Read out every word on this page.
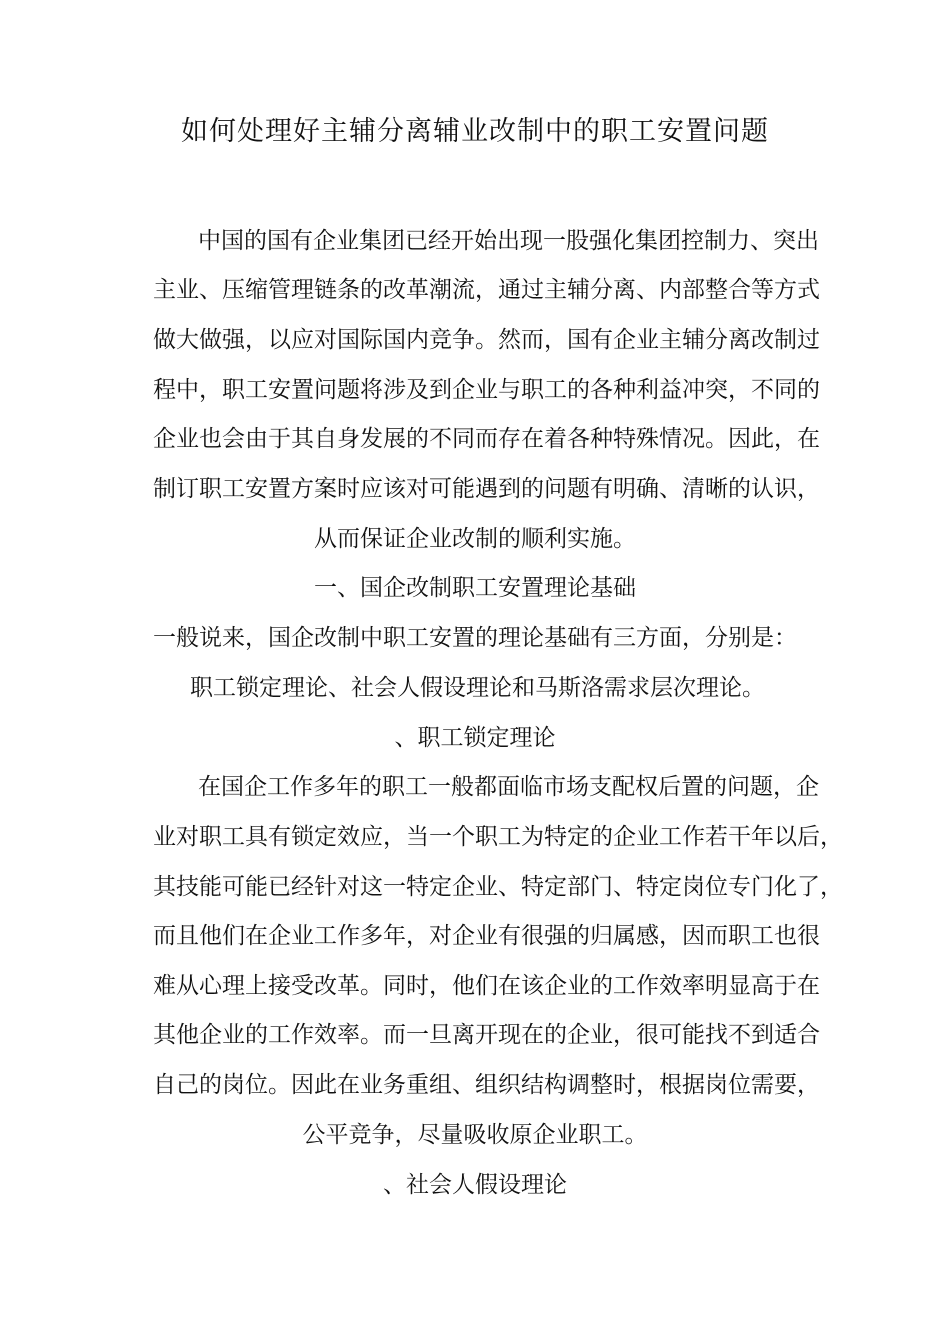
如何处理好主辅分离辅业改制中的职工安置问题
中国的国有企业集团已经开始出现一股强化集团控制力、突出
主业、压缩管理链条的改革潮流，通过主辅分离、内部整合等方式
做大做强，以应对国际国内竞争。然而，国有企业主辅分离改制过
程中，职工安置问题将涉及到企业与职工的各种利益冲突，不同的
企业也会由于其自身发展的不同而存在着各种特殊情况。因此，在
制订职工安置方案时应该对可能遇到的问题有明确、清晰的认识，
从而保证企业改制的顺利实施。
一、国企改制职工安置理论基础
一般说来，国企改制中职工安置的理论基础有三方面，分别是：
职工锁定理论、社会人假设理论和马斯洛需求层次理论。
、职工锁定理论
在国企工作多年的职工一般都面临市场支配权后置的问题，企
业对职工具有锁定效应，当一个职工为特定的企业工作若干年以后，
其技能可能已经针对这一特定企业、特定部门、特定岗位专门化了，
而且他们在企业工作多年，对企业有很强的归属感，因而职工也很
难从心理上接受改革。同时，他们在该企业的工作效率明显高于在
其他企业的工作效率。而一旦离开现在的企业，很可能找不到适合
自己的岗位。因此在业务重组、组织结构调整时，根据岗位需要，
公平竞争，尽量吸收原企业职工。
、社会人假设理论
